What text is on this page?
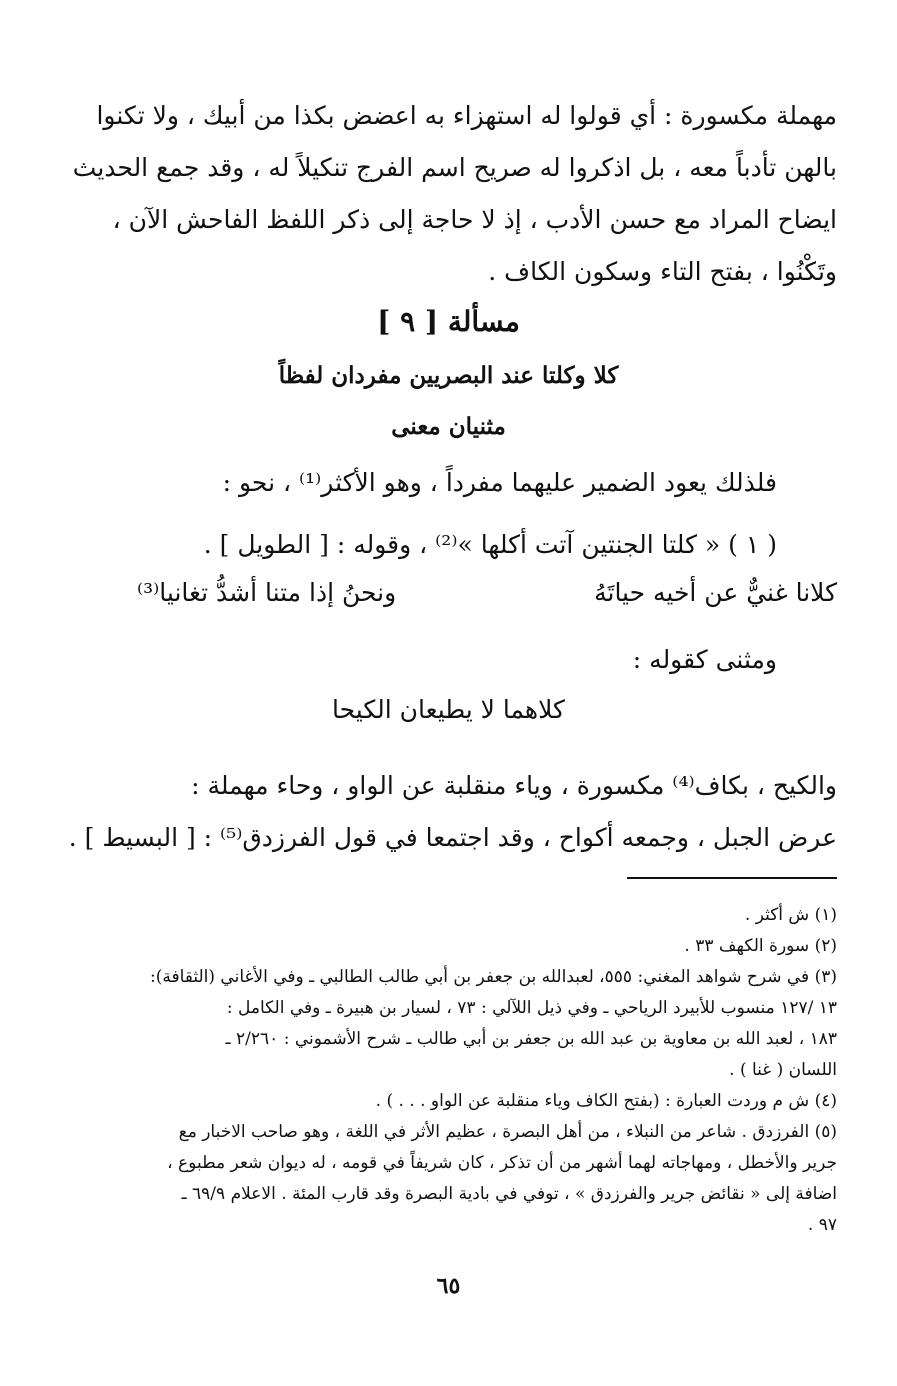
مهملة مكسورة : أي قولوا له استهزاء به اعضض بكذا من أبيك ، ولا تكنوا
بالهن تأدباً معه ، بل اذكروا له صريح اسم الفرج تنكيلاً له ، وقد جمع الحديث
ايضاح المراد مع حسن الأدب ، إذ لا حاجة إلى ذكر اللفظ الفاحش الآن ،
وتَكْنُوا ، بفتح التاء وسكون الكاف .
مسألة [ ٩ ]
كلا وكلتا عند البصريين مفردان لفظاً
مثنيان معنى
فلذلك يعود الضمير عليهما مفرداً ، وهو الأكثر⁽¹⁾ ، نحو :
( ١ ) « كلتا الجنتين آتت أكلها »⁽²⁾ ، وقوله : [ الطويل ] .
كلانا غنيٌّ عن أخيه حياتَهُ
ونحنُ إذا متنا أشدُّ تغانيا⁽³⁾
ومثنى كقوله :
كلاهما لا يطيعان الكيحا
والكيح ، بكاف⁽⁴⁾ مكسورة ، وياء منقلبة عن الواو ، وحاء مهملة :
عرض الجبل ، وجمعه أكواح ، وقد اجتمعا في قول الفرزدق⁽⁵⁾ : [ البسيط ] .
(١) ش أكثر .
(٢) سورة الكهف ٣٣ .
(٣) في شرح شواهد المغني: ٥٥٥، لعبدالله بن جعفر بن أبي طالب الطالبي ـ وفي الأغاني (الثقافة):
١٣ /١٢٧ منسوب للأبيرد الرياحي ـ وفي ذيل اللآلي : ٧٣ ، لسيار بن هبيرة ـ وفي الكامل :
١٨٣ ، لعبد الله بن معاوية بن عبد الله بن جعفر بن أبي طالب ـ شرح الأشموني : ٢/٢٦٠ ـ
اللسان ( غنا ) .
(٤) ش م وردت العبارة : (بفتح الكاف وياء منقلبة عن الواو . . . ) .
(٥) الفرزدق . شاعر من النبلاء ، من أهل البصرة ، عظيم الأثر في اللغة ، وهو صاحب الاخبار مع
جرير والأخطل ، ومهاجاته لهما أشهر من أن تذكر ، كان شريفاً في قومه ، له ديوان شعر مطبوع ،
اضافة إلى « نقائض جرير والفرزدق » ، توفي في بادية البصرة وقد قارب المئة . الاعلام ٦٩/٩ ـ
٩٧ .
٦٥
